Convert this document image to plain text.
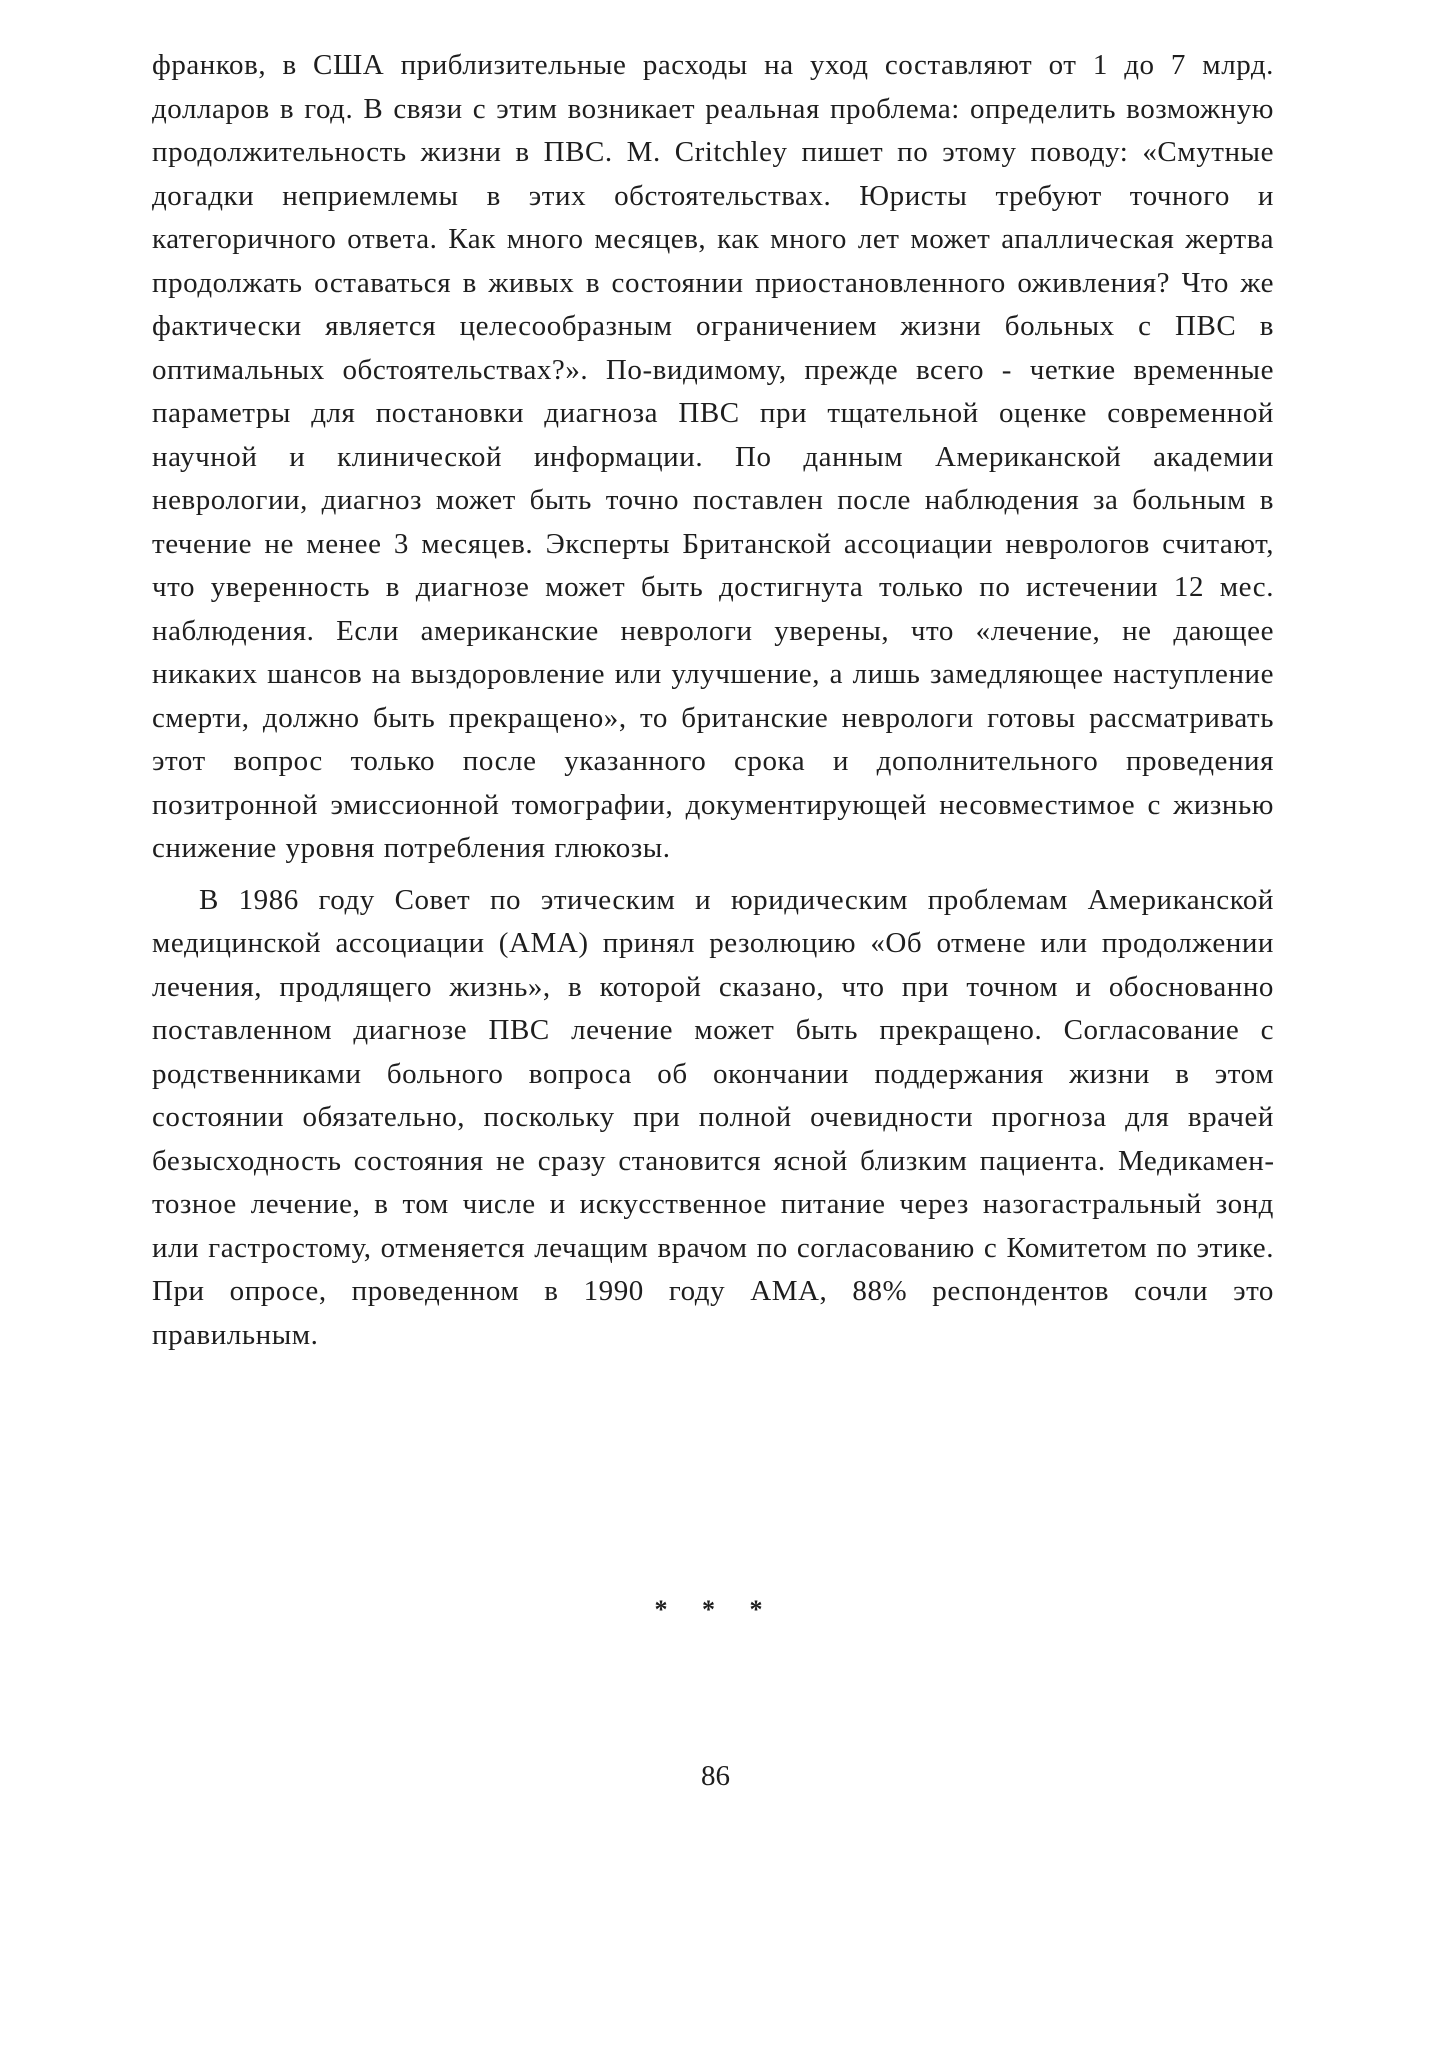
франков, в США приблизительные расходы на уход составляют от 1 до 7 млрд. долларов в год. В связи с этим возникает реальная проблема: определить возможную продолжительность жизни в ПВС. M. Critchley пишет по этому поводу: «Смутные догадки неприемлемы в этих обстоятельствах. Юристы требуют точного и категоричного ответа. Как много месяцев, как много лет может апаллическая жертва продолжать оставаться в живых в состоянии приостановленного оживления? Что же фактически является целесообразным ограничением жизни больных с ПВС в оптимальных обстоятельствах?». По-видимому, прежде всего - четкие временные параметры для постановки диагноза ПВС при тщательной оценке современной научной и клинической информации. По данным Американской академии неврологии, диагноз может быть точно поставлен после наблюдения за больным в течение не менее 3 месяцев. Эксперты Британской ассоциации неврологов считают, что уверенность в диагнозе может быть достигнута только по истечении 12 мес. наблюдения. Если американские неврологи уверены, что «лечение, не дающее никаких шансов на выздоровление или улучшение, а лишь замедляющее наступление смерти, должно быть прекращено», то британские неврологи готовы рассматривать этот вопрос только после указанного срока и дополнительного проведения позитронной эмиссионной томографии, документирующей несовместимое с жизнью снижение уровня потребления глюкозы.

В 1986 году Совет по этическим и юридическим проблемам Американской медицинской ассоциации (АМА) принял резолюцию «Об отмене или продолжении лечения, продлящего жизнь», в которой сказано, что при точном и обоснованно поставленном диагнозе ПВС лечение может быть прекращено. Согласование с родственниками больного вопроса об окончании поддержания жизни в этом состоянии обязательно, поскольку при полной очевидности прогноза для врачей безысходность состояния не сразу становится ясной близким пациента. Медикаментозное лечение, в том числе и искусственное питание через назогастральный зонд или гастростому, отменяется лечащим врачом по согласованию с Комитетом по этике. При опросе, проведенном в 1990 году АМА, 88% респондентов сочли это правильным.

* * *
86
